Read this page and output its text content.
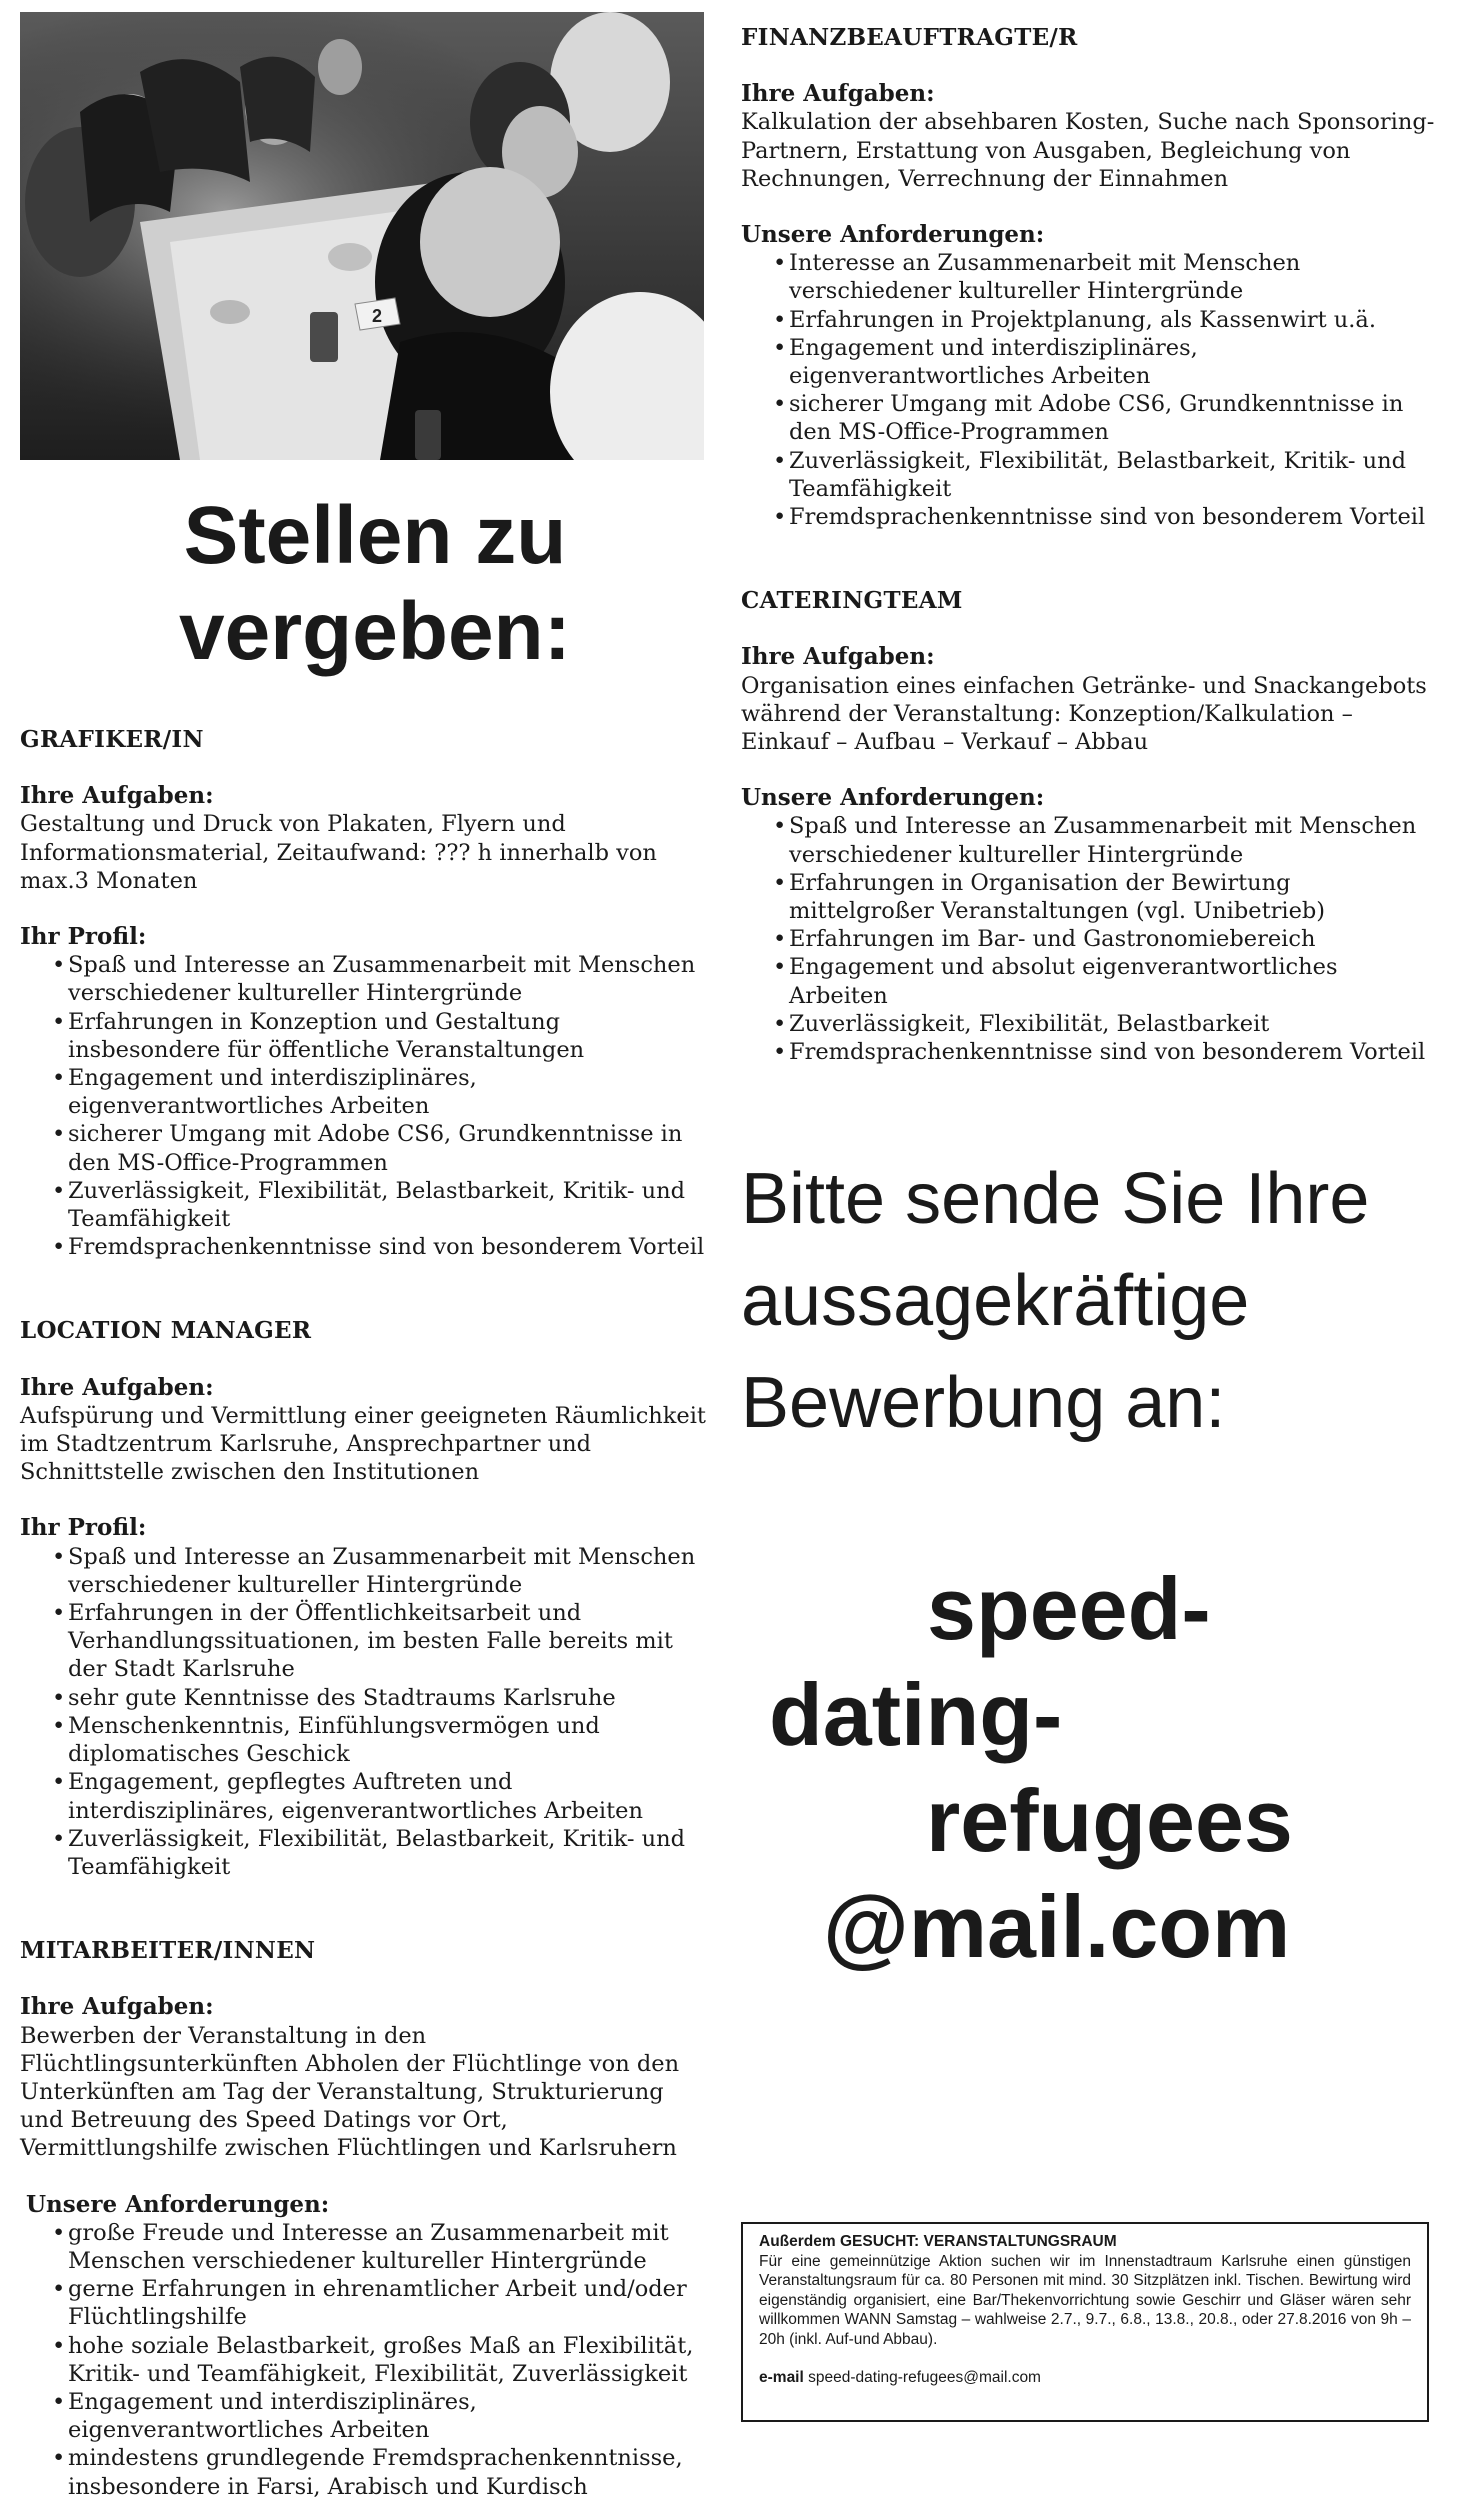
2
Stellen zu
vergeben:
GRAFIKER/IN
Ihre Aufgaben:

Gestaltung und Druck von Plakaten, Flyern und Informationsmaterial, Zeitaufwand: ??? h innerhalb von max.3 Monaten

Ihr Profil:
• Spaß und Interesse an Zusammenarbeit mit Menschen verschiedener kultureller Hintergründe
• Erfahrungen in Konzeption und Gestaltung insbesondere für öffentliche Veranstaltungen
• Engagement und interdisziplinäres, eigenverantwortliches Arbeiten
• sicherer Umgang mit Adobe CS6, Grundkenntnisse in den MS-Office-Programmen
• Zuverlässigkeit, Flexibilität, Belastbarkeit, Kritik- und Teamfähigkeit
• Fremdsprachenkenntnisse sind von besonderem Vorteil
LOCATION MANAGER
Ihre Aufgaben:

Aufspürung und Vermittlung einer geeigneten Räumlichkeit im Stadtzentrum Karlsruhe, Ansprechpartner und Schnittstelle zwischen den Institutionen

Ihr Profil:
• Spaß und Interesse an Zusammenarbeit mit Menschen verschiedener kultureller Hintergründe
• Erfahrungen in der Öffentlichkeitsarbeit und Verhandlungssituationen, im besten Falle bereits mit der Stadt Karlsruhe
• sehr gute Kenntnisse des Stadtraums Karlsruhe
• Menschenkenntnis, Einfühlungsvermögen und diplomatisches Geschick
• Engagement, gepflegtes Auftreten und interdisziplinäres, eigenverantwortliches Arbeiten
• Zuverlässigkeit, Flexibilität, Belastbarkeit, Kritik- und Teamfähigkeit
MITARBEITER/INNEN
Ihre Aufgaben:

Bewerben der Veranstaltung in den Flüchtlingsunterkünften Abholen der Flüchtlinge von den Unterkünften am Tag der Veranstaltung, Strukturierung und Betreuung des Speed Datings vor Ort, Vermittlungshilfe zwischen Flüchtlingen und Karlsruhern

Unsere Anforderungen:
• große Freude und Interesse an Zusammenarbeit mit Menschen verschiedener kultureller Hintergründe
• gerne Erfahrungen in ehrenamtlicher Arbeit und/oder Flüchtlingshilfe
• hohe soziale Belastbarkeit, großes Maß an Flexibilität, Kritik- und Teamfähigkeit, Flexibilität, Zuverlässigkeit
• Engagement und interdisziplinäres, eigenverantwortliches Arbeiten
• mindestens grundlegende Fremdsprachenkenntnisse, insbesondere in Farsi, Arabisch und Kurdisch
FINANZBEAUFTRAGTE/R
Ihre Aufgaben:

Kalkulation der absehbaren Kosten, Suche nach Sponsoring-Partnern, Erstattung von Ausgaben, Begleichung von Rechnungen, Verrechnung der Einnahmen

Unsere Anforderungen:
• Interesse an Zusammenarbeit mit Menschen verschiedener kultureller Hintergründe
• Erfahrungen in Projektplanung, als Kassenwirt u.ä.
• Engagement und interdisziplinäres, eigenverantwortliches Arbeiten
• sicherer Umgang mit Adobe CS6, Grundkenntnisse in den MS-Office-Programmen
• Zuverlässigkeit, Flexibilität, Belastbarkeit, Kritik- und Teamfähigkeit
• Fremdsprachenkenntnisse sind von besonderem Vorteil
CATERINGTEAM
Ihre Aufgaben:

Organisation eines einfachen Getränke- und Snackangebots während der Veranstaltung: Konzeption/Kalkulation – Einkauf – Aufbau – Verkauf – Abbau

Unsere Anforderungen:
• Spaß und Interesse an Zusammenarbeit mit Menschen verschiedener kultureller Hintergründe
• Erfahrungen in Organisation der Bewirtung mittelgroßer Veranstaltungen (vgl. Unibetrieb)
• Erfahrungen im Bar- und Gastronomiebereich
• Engagement und absolut eigenverantwortliches Arbeiten
• Zuverlässigkeit, Flexibilität, Belastbarkeit
• Fremdsprachenkenntnisse sind von besonderem Vorteil
Bitte sende Sie Ihre
aussagekräftige
Bewerbung an:
speed-
dating-
refugees
@mail.com
Außerdem GESUCHT: VERANSTALTUNGSRAUM
Für eine gemeinnützige Aktion suchen wir im Innenstadtraum Karlsruhe einen günstigen Veranstaltungsraum für ca. 80 Personen mit mind. 30 Sitzplätzen inkl. Tischen. Bewirtung wird eigenständig organisiert, eine Bar/Thekenvorrichtung sowie Geschirr und Gläser wären sehr willkommen WANN Samstag – wahlweise 2.7., 9.7., 6.8., 13.8., 20.8., oder 27.8.2016 von 9h – 20h (inkl. Auf-und Abbau).
e-mail speed-dating-refugees@mail.com
